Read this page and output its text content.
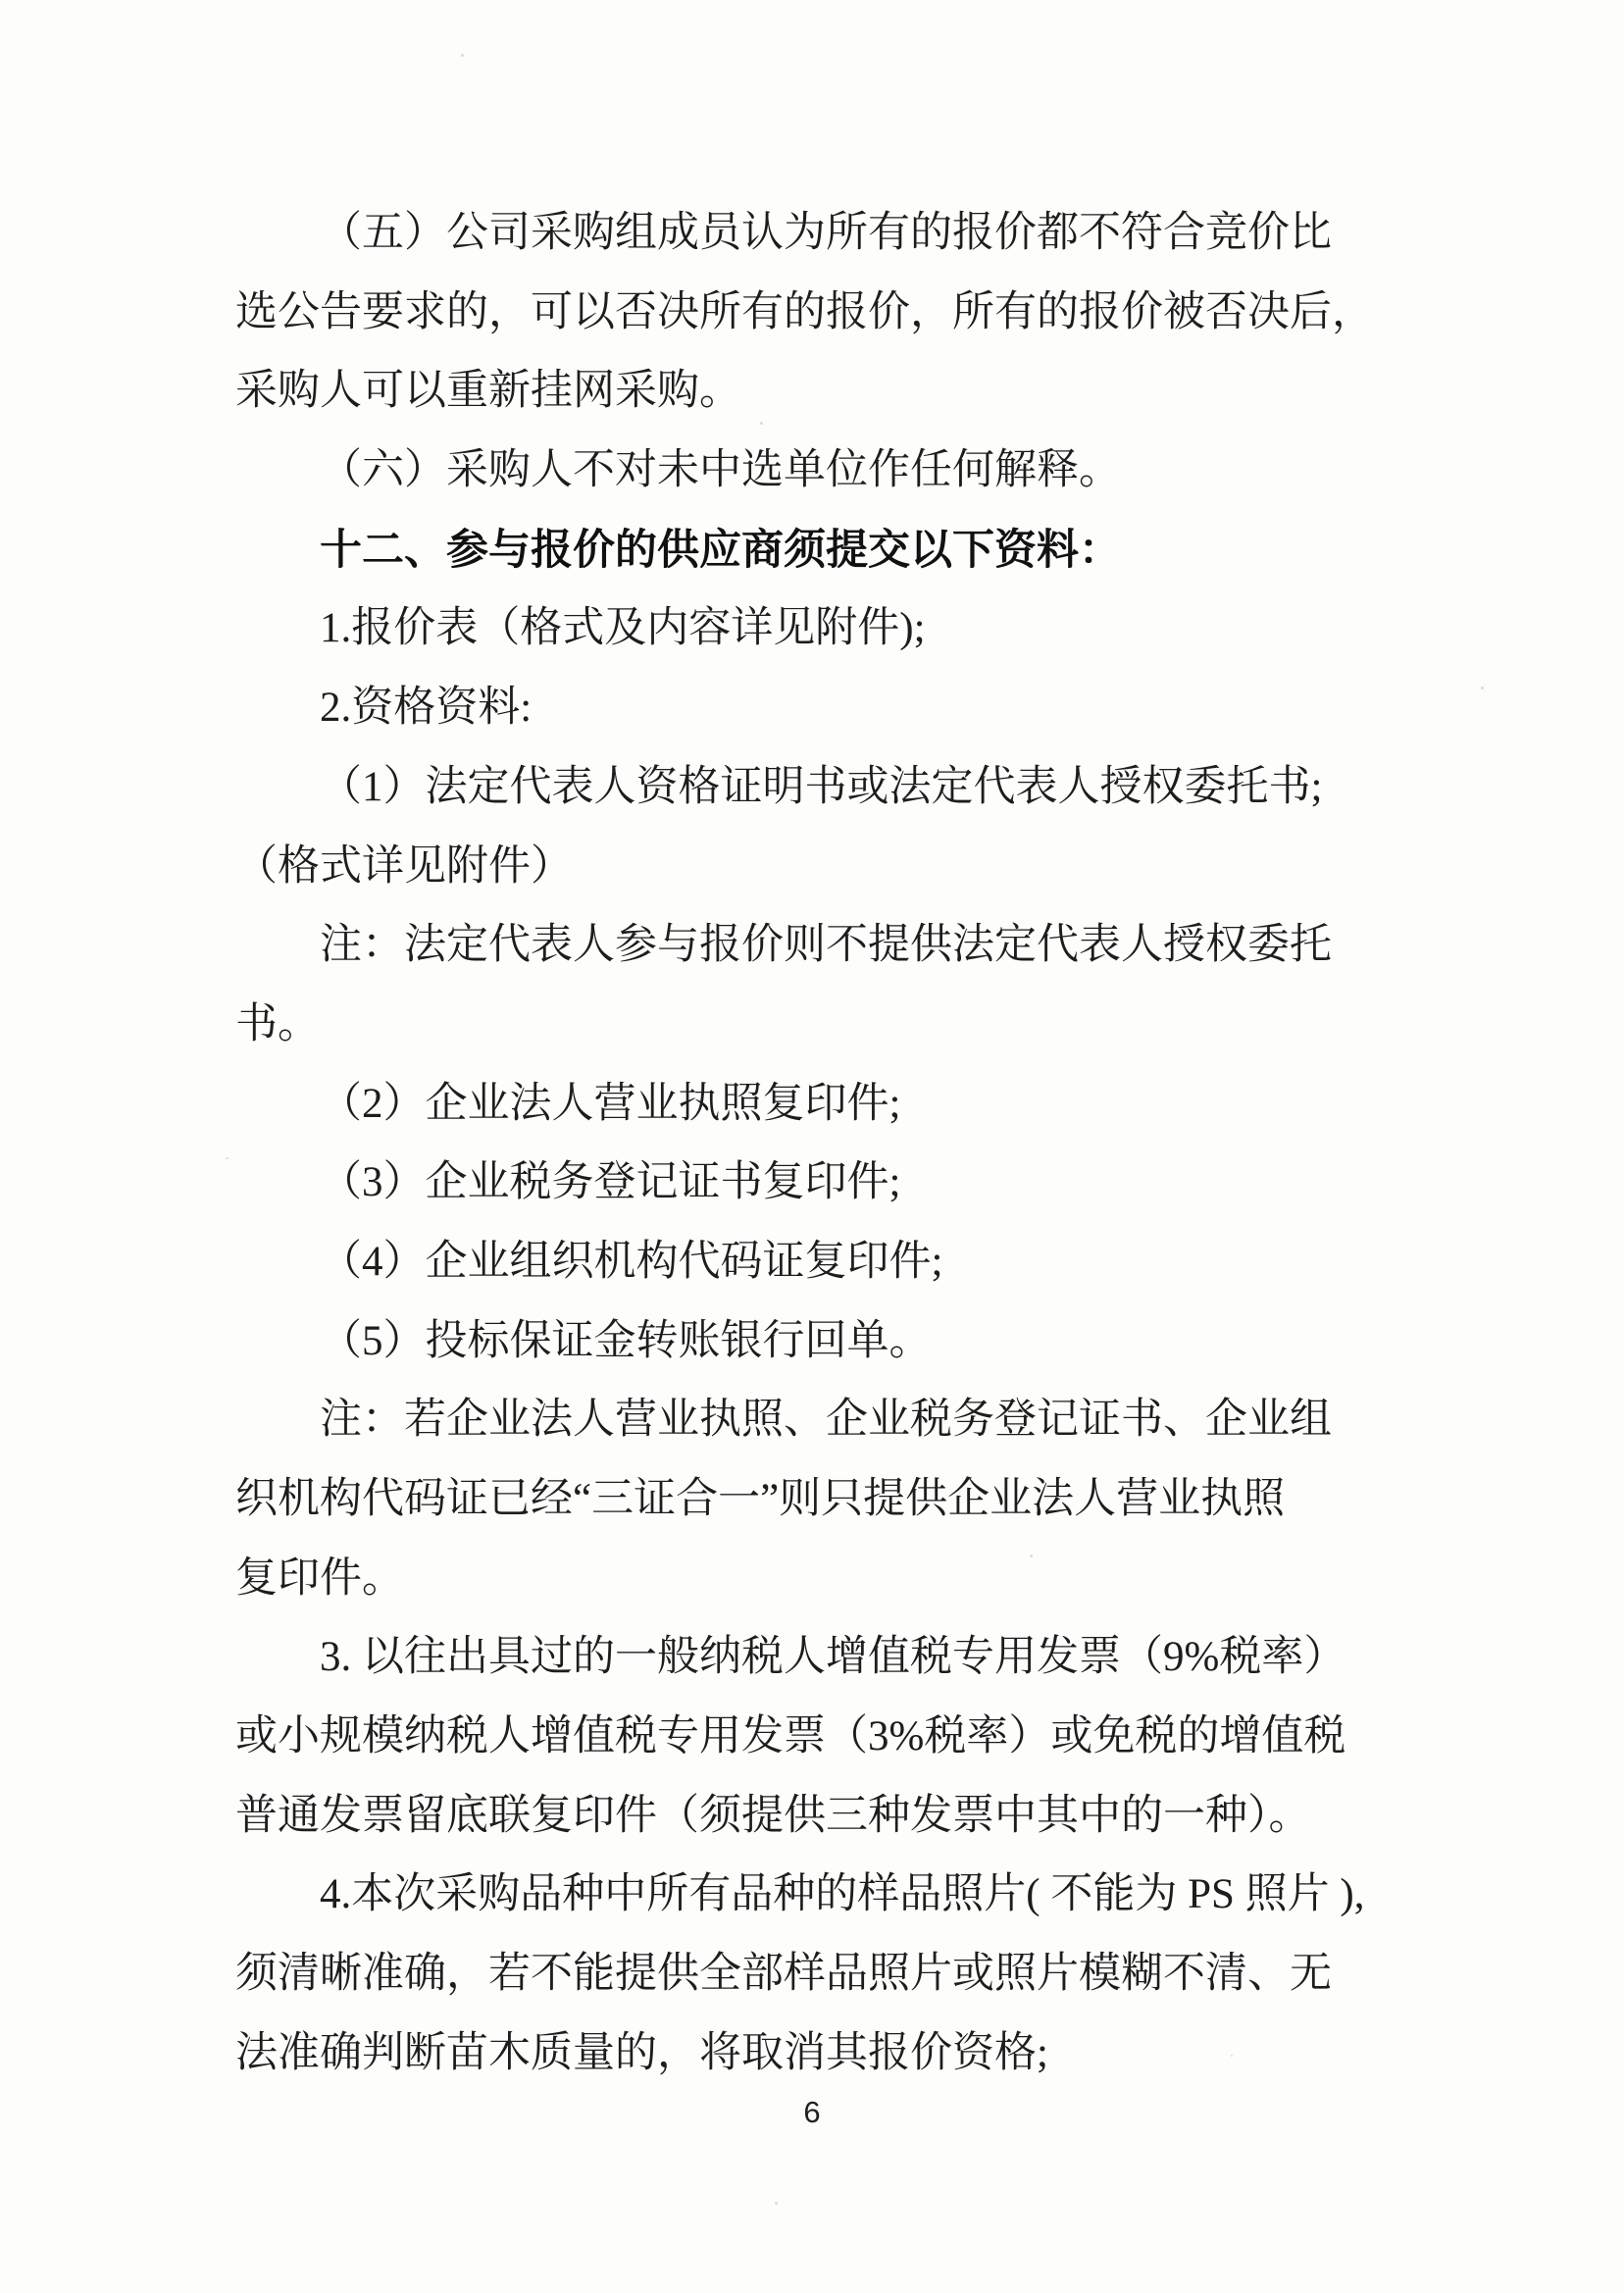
（五）公司采购组成员认为所有的报价都不符合竞价比
选公告要求的，可以否决所有的报价，所有的报价被否决后，
采购人可以重新挂网采购。
（六）采购人不对未中选单位作任何解释。
十二、参与报价的供应商须提交以下资料：
1.报价表（格式及内容详见附件);
2.资格资料:
（1）法定代表人资格证明书或法定代表人授权委托书;
（格式详见附件）
注：法定代表人参与报价则不提供法定代表人授权委托
书。
（2）企业法人营业执照复印件;
（3）企业税务登记证书复印件;
（4）企业组织机构代码证复印件;
（5）投标保证金转账银行回单。
注：若企业法人营业执照、企业税务登记证书、企业组
织机构代码证已经“三证合一”则只提供企业法人营业执照
复印件。
3. 以往出具过的一般纳税人增值税专用发票（9%税率）
或小规模纳税人增值税专用发票（3%税率）或免税的增值税
普通发票留底联复印件（须提供三种发票中其中的一种）。
4.本次采购品种中所有品种的样品照片( 不能为 PS 照片 ),
须清晰准确，若不能提供全部样品照片或照片模糊不清、无
法准确判断苗木质量的，将取消其报价资格;
6
